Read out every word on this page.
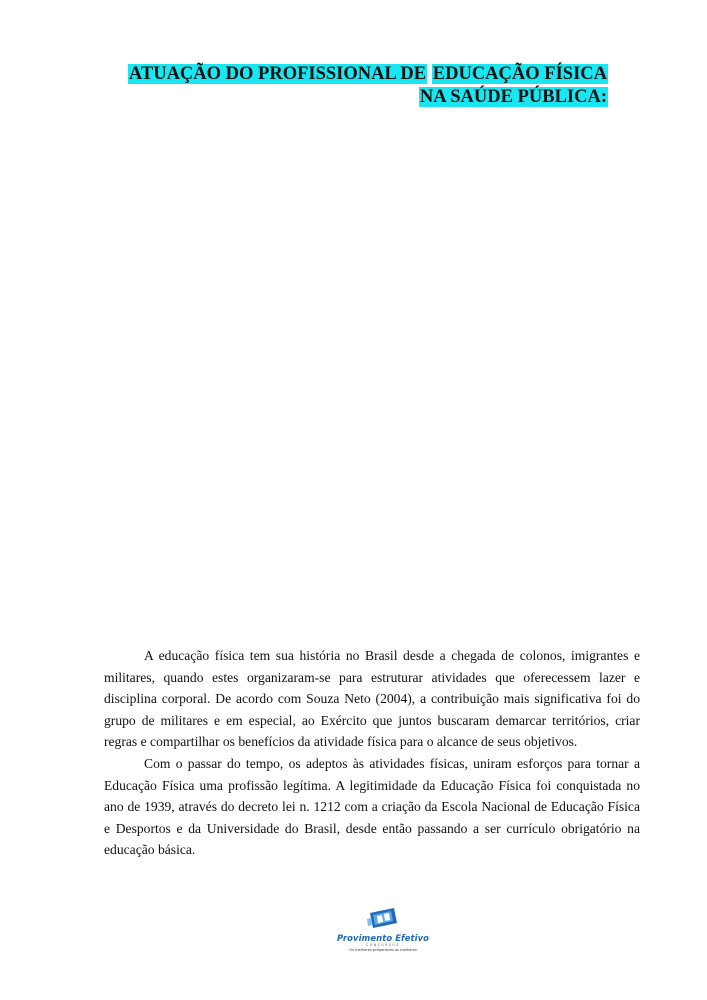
ATUAÇÃO DO PROFISSIONAL DE EDUCAÇÃO FÍSICA
NA SAÚDE PÚBLICA:

A educação física tem sua história no Brasil desde a chegada de colonos, imigrantes e militares, quando estes organizaram-se para estruturar atividades que oferecessem lazer e disciplina corporal. De acordo com Souza Neto (2004), a contribuição mais significativa foi do grupo de militares e em especial, ao Exército que juntos buscaram demarcar territórios, criar regras e compartilhar os benefícios da atividade física para o alcance de seus objetivos.

Com o passar do tempo, os adeptos às atividades físicas, uniram esforços para tornar a Educação Física uma profissão legítima. A legitimidade da Educação Física foi conquistada no ano de 1939, através do decreto lei n. 1212 com a criação da Escola Nacional de Educação Física e Desportos e da Universidade do Brasil, desde então passando a ser currículo obrigatório na educação básica.

Provimento Efetivo
CONCURSOS
Os melhores preparando os melhores
